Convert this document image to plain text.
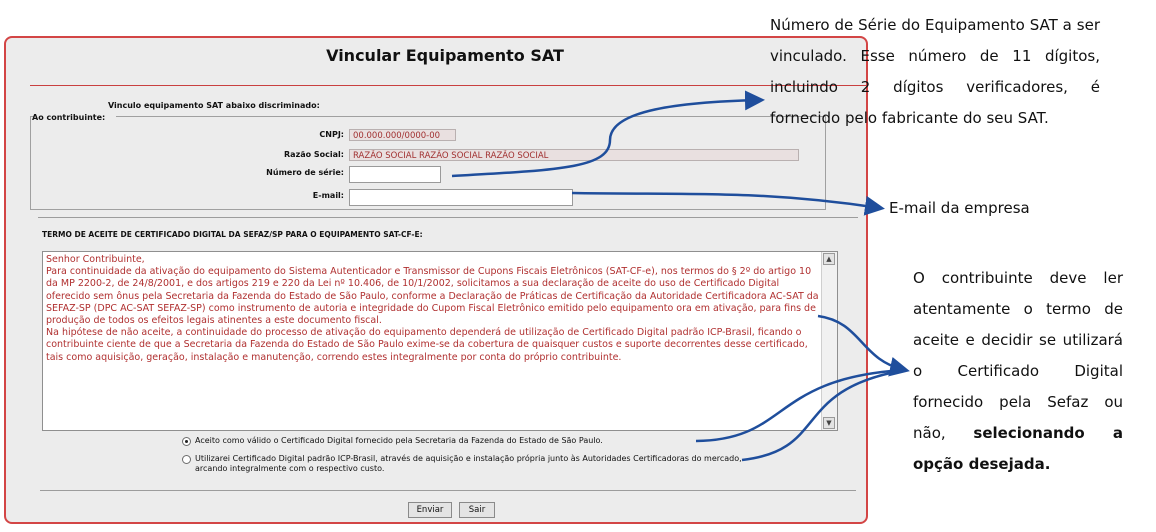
Vincular Equipamento SAT
Vinculo equipamento SAT abaixo discriminado:
Ao contribuinte:
CNPJ:	00.000.000/0000-00
Razão Social:	RAZÃO SOCIAL RAZÃO SOCIAL RAZÃO SOCIAL
Número de série:
E-mail:
TERMO DE ACEITE DE CERTIFICADO DIGITAL DA SEFAZ/SP PARA O EQUIPAMENTO SAT-CF-E:

Senhor Contribuinte,

Para continuidade da ativação do equipamento do Sistema Autenticador e Transmissor de Cupons Fiscais Eletrônicos (SAT-CF-e), nos termos do § 2º do artigo 10 da MP 2200-2, de 24/8/2001, e dos artigos 219 e 220 da Lei nº 10.406, de 10/1/2002, solicitamos a sua declaração de aceite do uso de Certificado Digital oferecido sem ônus pela Secretaria da Fazenda do Estado de São Paulo, conforme a Declaração de Práticas de Certificação da Autoridade Certificadora AC-SAT da SEFAZ-SP (DPC AC-SAT SEFAZ-SP) como instrumento de autoria e integridade do Cupom Fiscal Eletrônico emitido pelo equipamento ora em ativação, para fins de produção de todos os efeitos legais atinentes a este documento fiscal.

Na hipótese de não aceite, a continuidade do processo de ativação do equipamento dependerá de utilização de Certificado Digital padrão ICP-Brasil, ficando o contribuinte ciente de que a Secretaria da Fazenda do Estado de São Paulo exime-se da cobertura de quaisquer custos e suporte decorrentes desse certificado, tais como aquisição, geração, instalação e manutenção, correndo estes integralmente por conta do próprio contribuinte.

▲
▼
Aceito como válido o Certificado Digital fornecido pela Secretaria da Fazenda do Estado de São Paulo.
Utilizarei Certificado Digital padrão ICP-Brasil, através de aquisição e instalação própria junto às Autoridades Certificadoras do mercado, arcando integralmente com o respectivo custo.
Enviar	Sair
Número de Série do Equipamento SAT a ser vinculado. Esse número de 11 dígitos, incluindo 2 dígitos verificadores, é fornecido pelo fabricante do seu SAT.
E-mail da empresa
O contribuinte deve ler atentamente o termo de aceite e decidir se utilizará o Certificado Digital fornecido pela Sefaz ou não, selecionando a opção desejada.
